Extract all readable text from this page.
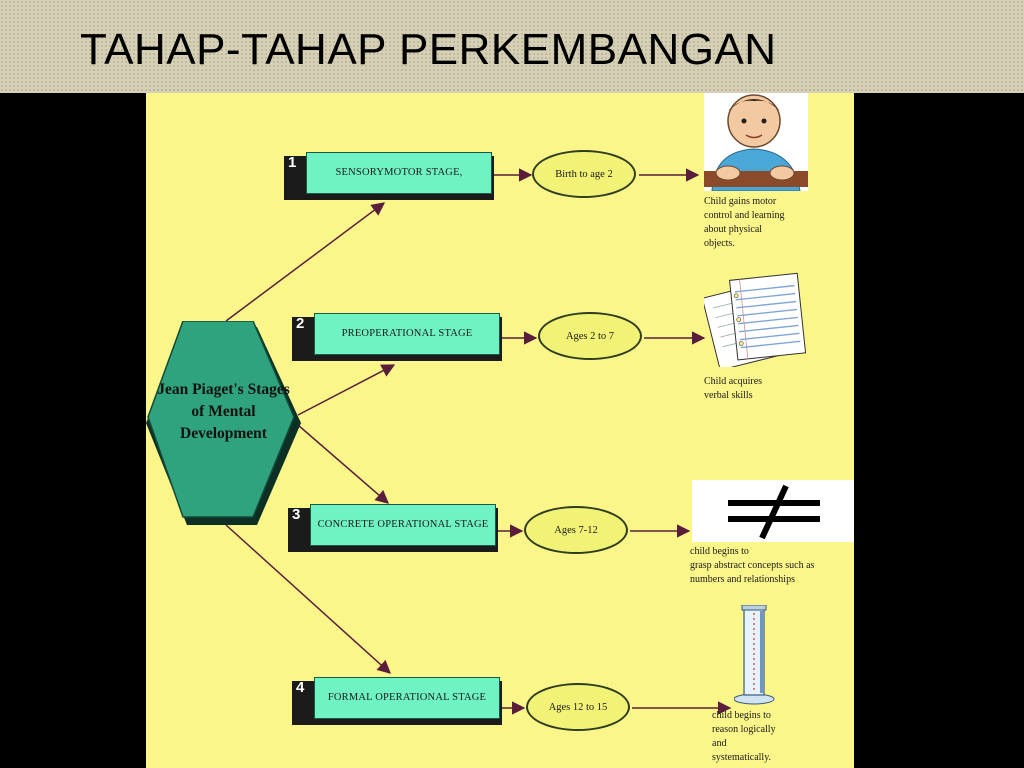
TAHAP-TAHAP PERKEMBANGAN
Jean Piaget's Stages of Mental Development
1
SENSORYMOTOR STAGE,	Birth to age 2
2
PREOPERATIONAL STAGE	Ages 2 to 7
3
CONCRETE OPERATIONAL STAGE	Ages 7-12
4
FORMAL OPERATIONAL STAGE
Ages 12 to 15
Child gains motor
control and learning
about physical
objects.
Child acquires
verbal skills
child begins to
grasp abstract concepts such as
numbers and relationships
child begins to
reason logically
and
systematically.
